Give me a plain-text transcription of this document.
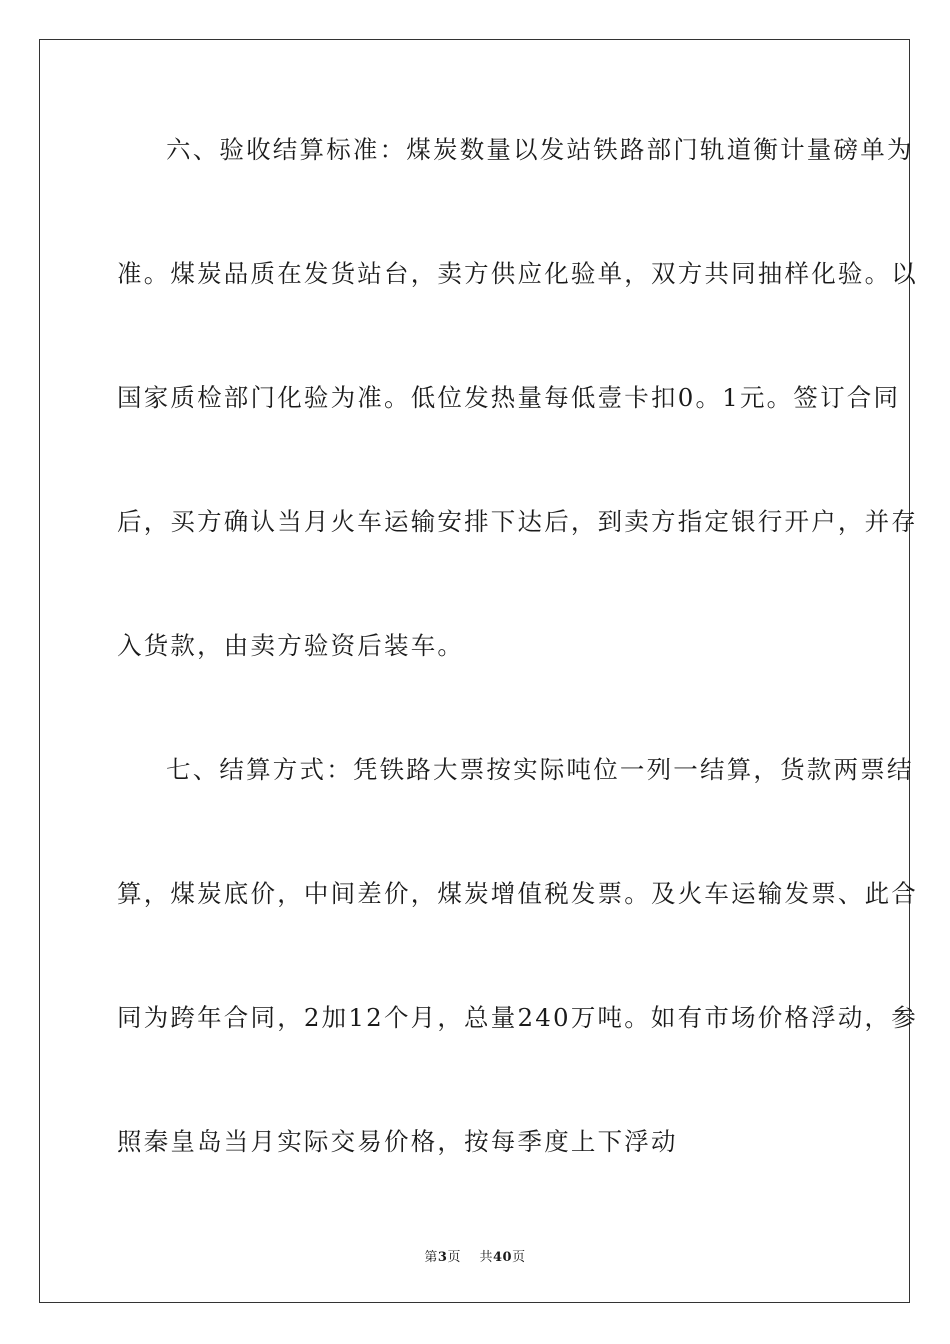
六、验收结算标准：煤炭数量以发站铁路部门轨道衡计量磅单为
准。煤炭品质在发货站台，卖方供应化验单，双方共同抽样化验。以
国家质检部门化验为准。低位发热量每低壹卡扣0。1元。签订合同
后，买方确认当月火车运输安排下达后，到卖方指定银行开户，并存
入货款，由卖方验资后装车。
七、结算方式：凭铁路大票按实际吨位一列一结算，货款两票结
算，煤炭底价，中间差价，煤炭增值税发票。及火车运输发票、此合
同为跨年合同，2加12个月，总量240万吨。如有市场价格浮动，参
照秦皇岛当月实际交易价格，按每季度上下浮动
第3页 共40页
